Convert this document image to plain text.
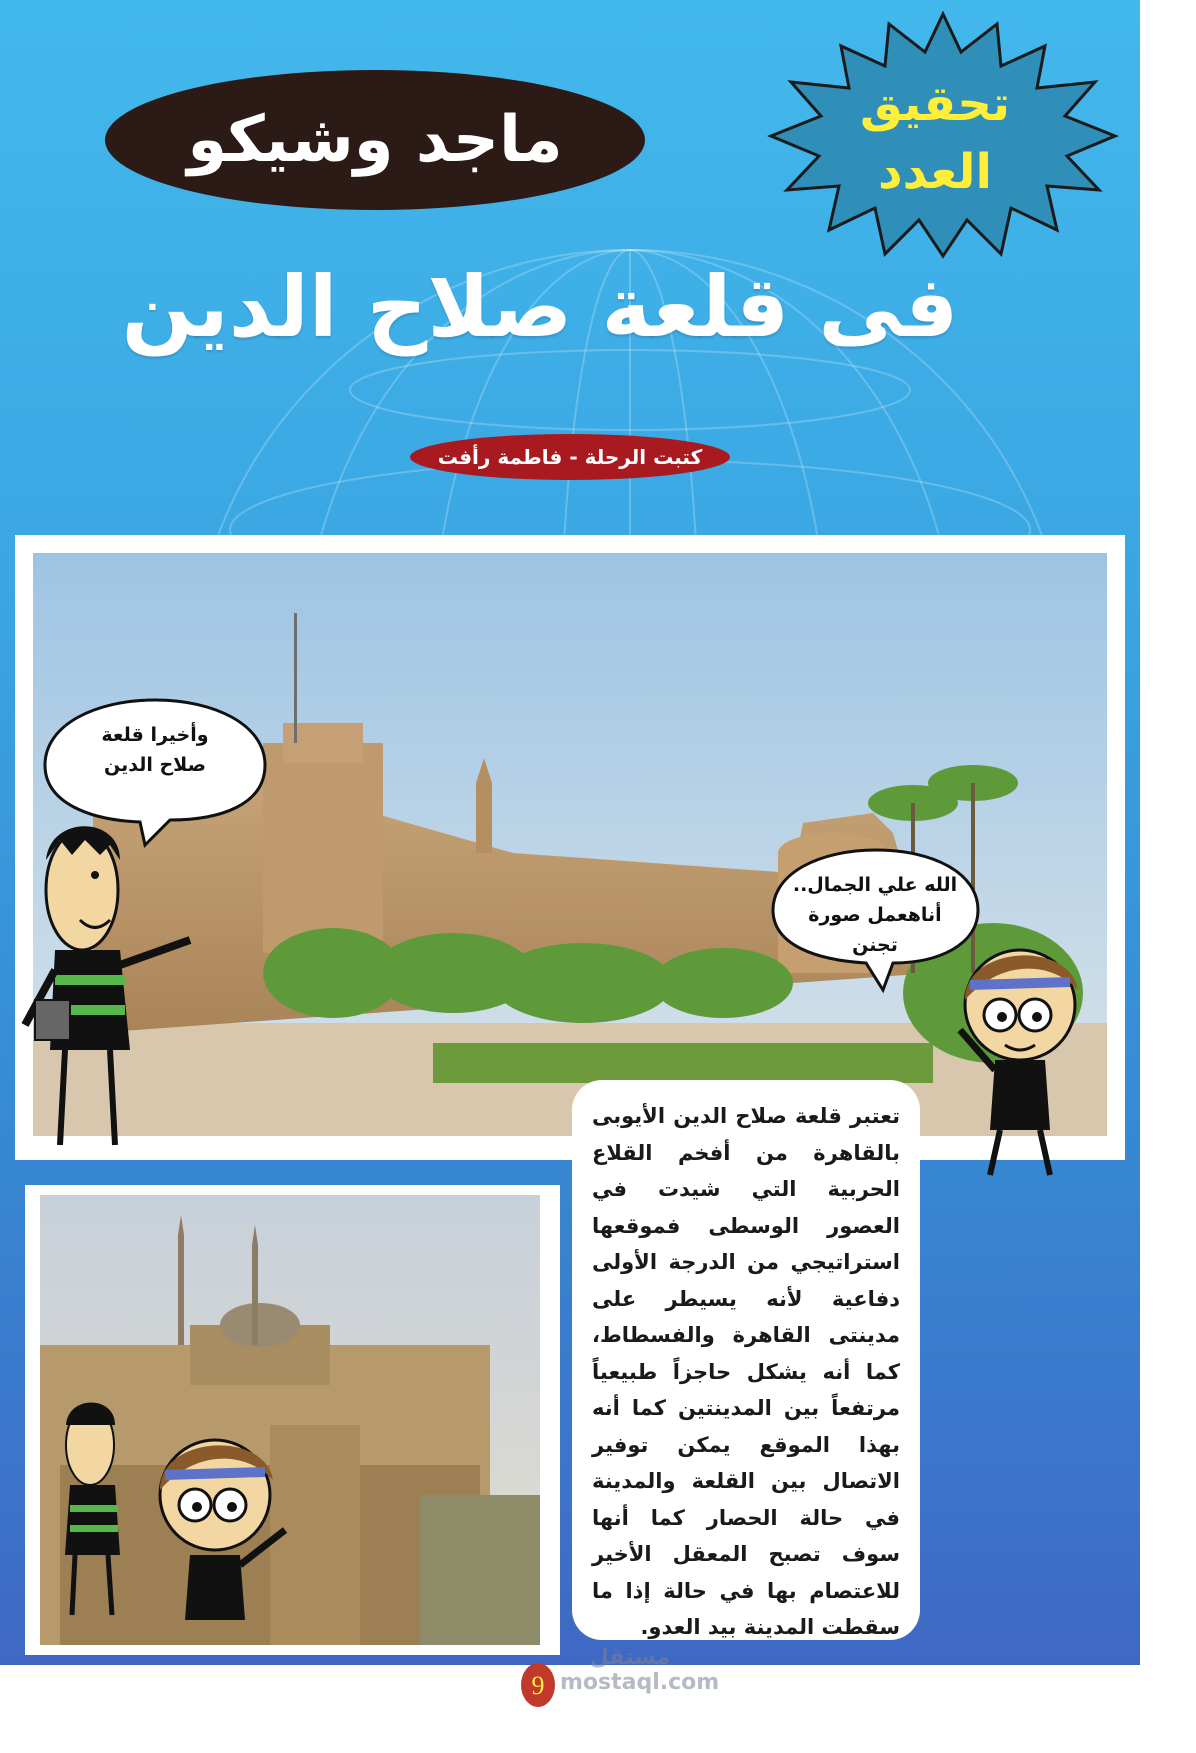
ماجد وشيكو	تحقيق العدد
فى قلعة صلاح الدين
كتبت الرحلة - فاطمة رأفت

تعتبر قلعة صلاح الدين الأيوبى بالقاهرة من أفخم القلاع الحربية التي شيدت في العصور الوسطى فموقعها استراتيجي من الدرجة الأولى دفاعية لأنه يسيطر على مدينتى القاهرة والفسطاط، كما أنه يشكل حاجزاً طبيعياً مرتفعاً بين المدينتين كما أنه بهذا الموقع يمكن توفير الاتصال بين القلعة والمدينة في حالة الحصار كما أنها سوف تصبح المعقل الأخير للاعتصام بها في حالة إذا ما سقطت المدينة بيد العدو.

وأخيرا قلعة صلاح الدين
الله علي الجمال.. أناهعمل صورة تجنن
9
مستقل mostaql.com
